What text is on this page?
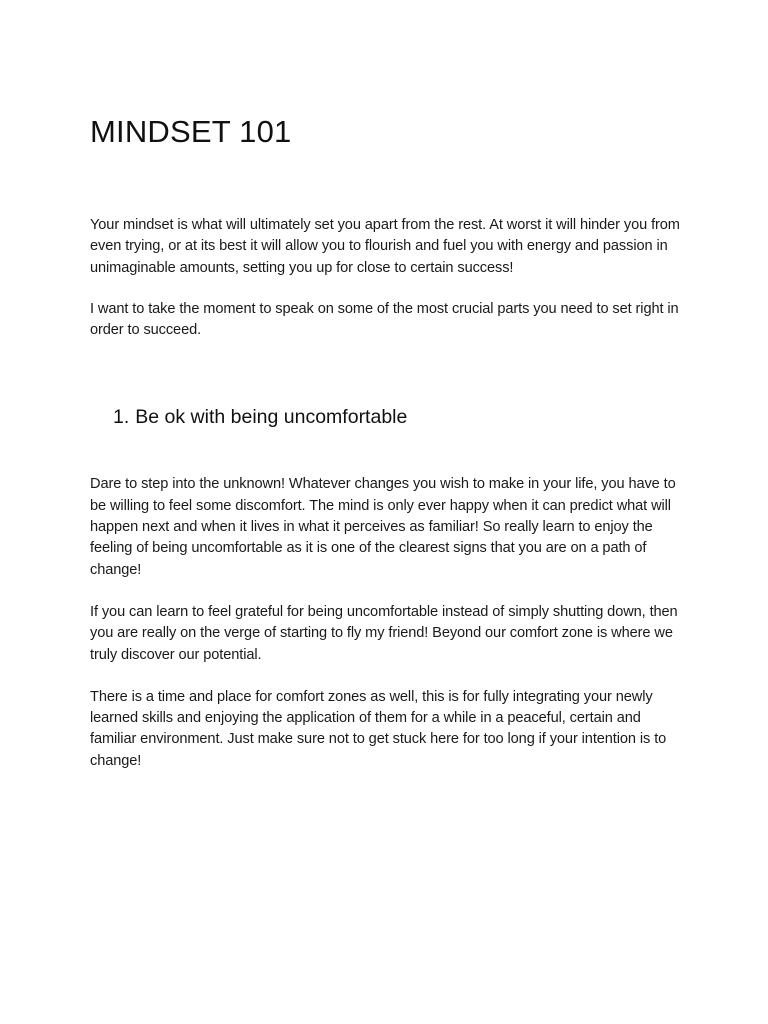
MINDSET 101

Your mindset is what will ultimately set you apart from the rest. At worst it will hinder you from even trying, or at its best it will allow you to flourish and fuel you with energy and passion in unimaginable amounts, setting you up for close to certain success!

I want to take the moment to speak on some of the most crucial parts you need to set right in order to succeed.

1. Be ok with being uncomfortable

Dare to step into the unknown! Whatever changes you wish to make in your life, you have to be willing to feel some discomfort. The mind is only ever happy when it can predict what will happen next and when it lives in what it perceives as familiar! So really learn to enjoy the feeling of being uncomfortable as it is one of the clearest signs that you are on a path of change!

If you can learn to feel grateful for being uncomfortable instead of simply shutting down, then you are really on the verge of starting to fly my friend! Beyond our comfort zone is where we truly discover our potential.

There is a time and place for comfort zones as well, this is for fully integrating your newly learned skills and enjoying the application of them for a while in a peaceful, certain and familiar environment. Just make sure not to get stuck here for too long if your intention is to change!
